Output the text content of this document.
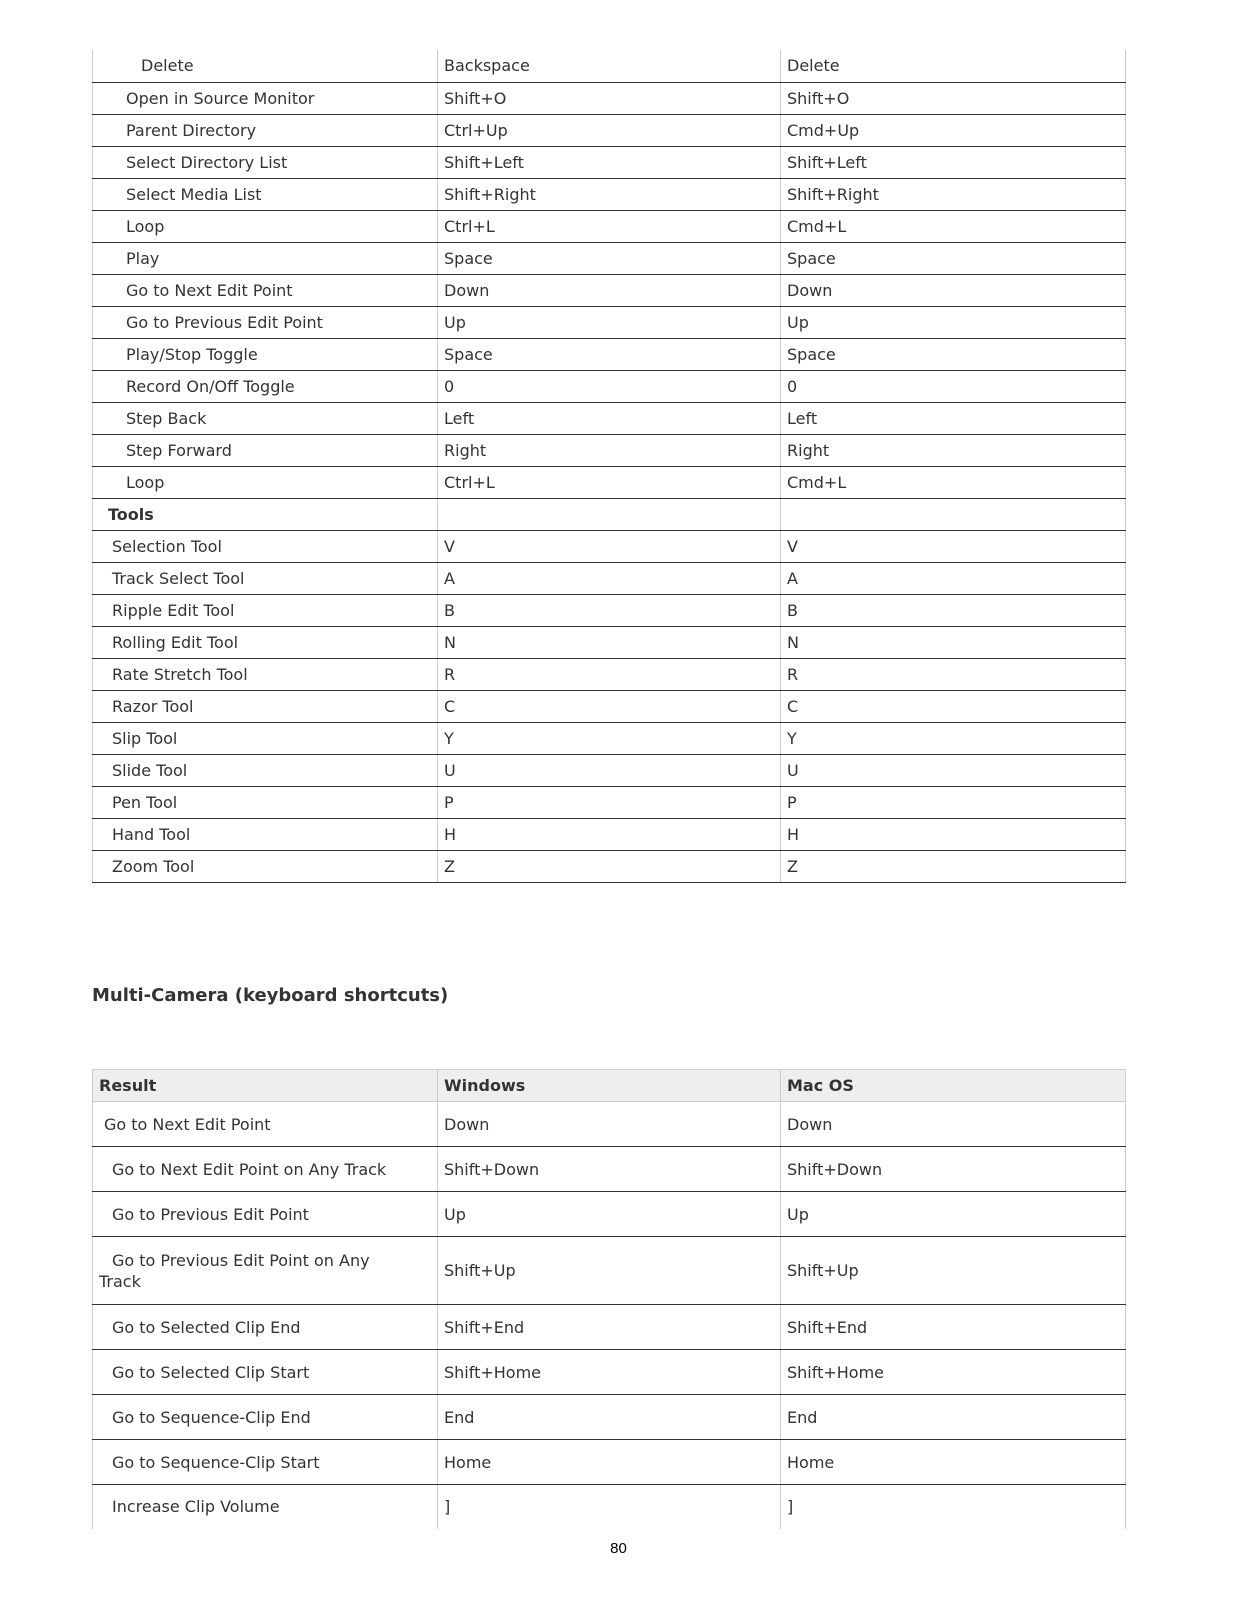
Delete	Backspace	Delete
Open in Source Monitor	Shift+O	Shift+O
Parent Directory	Ctrl+Up	Cmd+Up
Select Directory List	Shift+Left	Shift+Left
Select Media List	Shift+Right	Shift+Right
Loop	Ctrl+L	Cmd+L
Play	Space	Space
Go to Next Edit Point	Down	Down
Go to Previous Edit Point	Up	Up
Play/Stop Toggle	Space	Space
Record On/Off Toggle	0	0
Step Back	Left	Left
Step Forward	Right	Right
Loop	Ctrl+L	Cmd+L
Tools		
Selection Tool	V	V
Track Select Tool	A	A
Ripple Edit Tool	B	B
Rolling Edit Tool	N	N
Rate Stretch Tool	R	R
Razor Tool	C	C
Slip Tool	Y	Y
Slide Tool	U	U
Pen Tool	P	P
Hand Tool	H	H
Zoom Tool	Z	Z
Multi-Camera (keyboard shortcuts)
Result	Windows	Mac OS
Go to Next Edit Point	Down	Down
Go to Next Edit Point on Any Track	Shift+Down	Shift+Down
Go to Previous Edit Point	Up	Up
Go to Previous Edit Point on Any
Track	Shift+Up	Shift+Up
Go to Selected Clip End	Shift+End	Shift+End
Go to Selected Clip Start	Shift+Home	Shift+Home
Go to Sequence-Clip End	End	End
Go to Sequence-Clip Start	Home	Home
Increase Clip Volume	]	]
80
